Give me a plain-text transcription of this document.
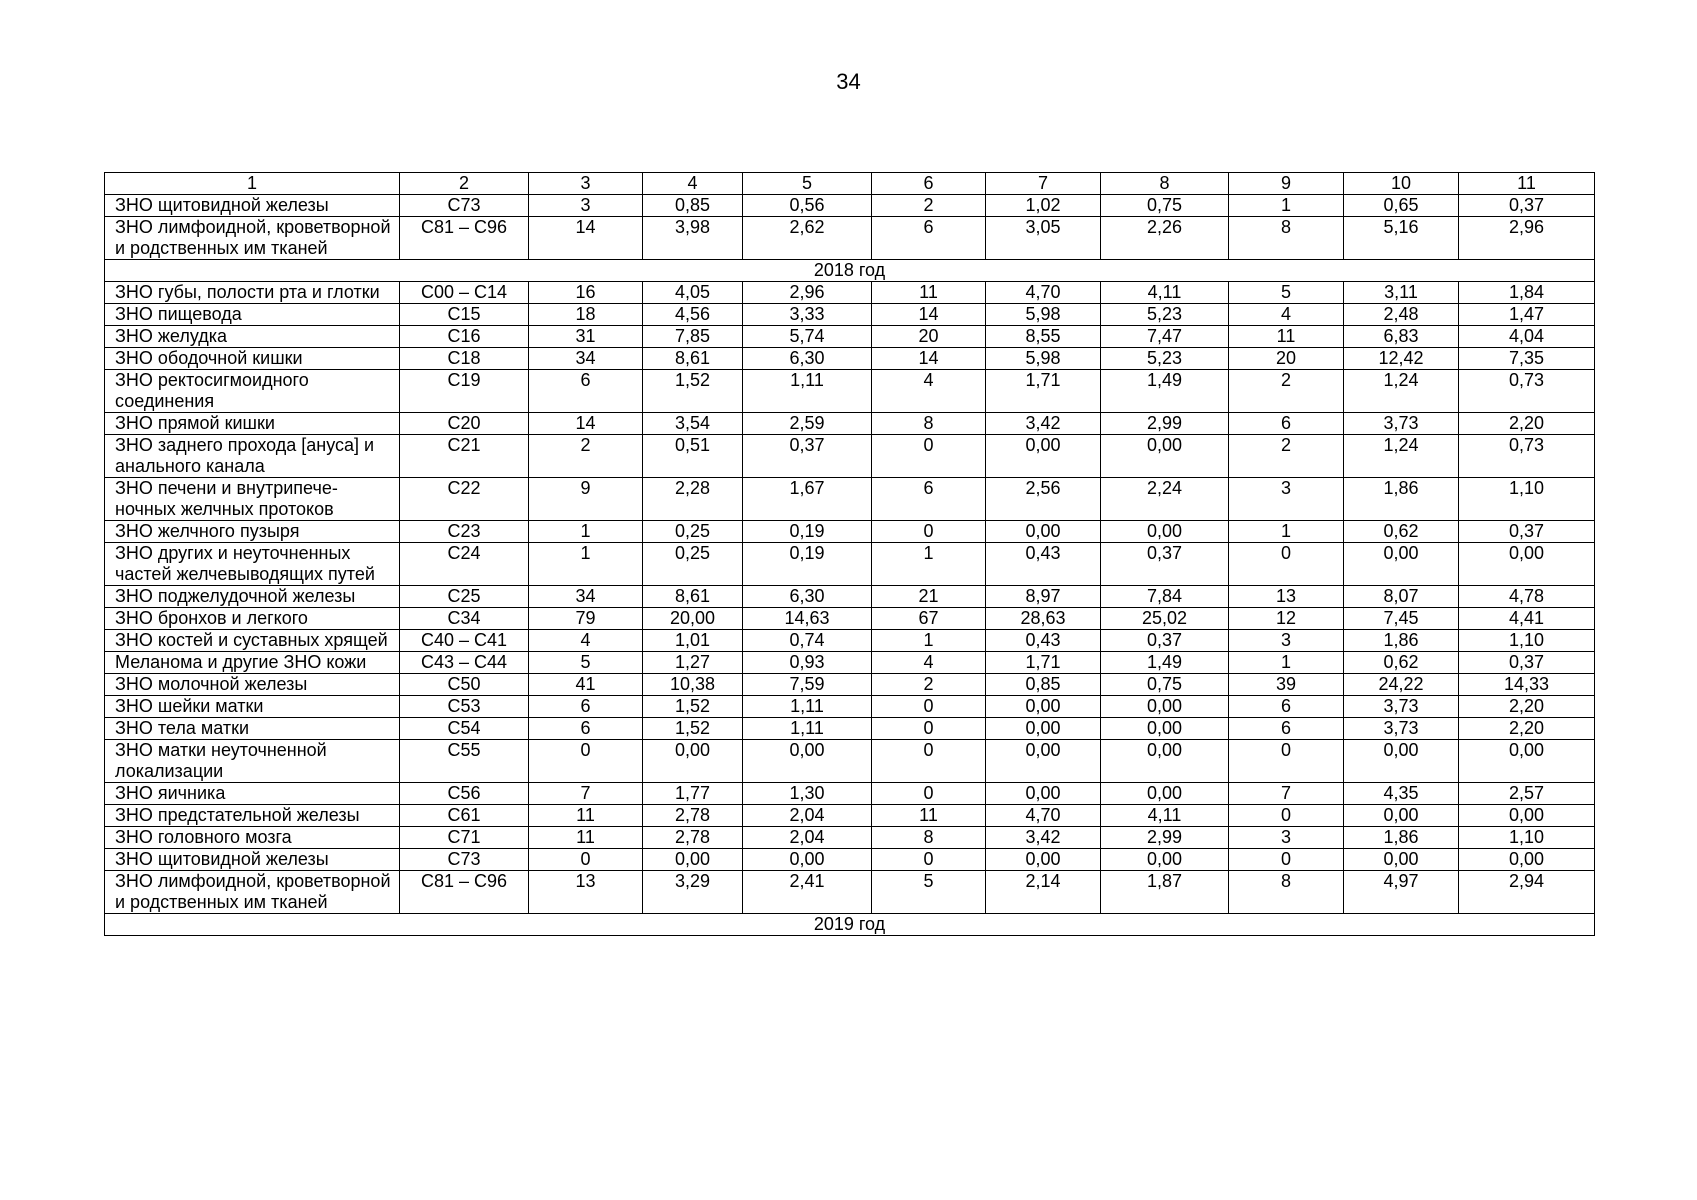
34
1	2	3	4	5	6	7	8	9	10	11
ЗНО щитовидной железы	C73	3	0,85	0,56	2	1,02	0,75	1	0,65	0,37
ЗНО лимфоидной, кроветворной и родственных им тканей	C81 – C96	14	3,98	2,62	6	3,05	2,26	8	5,16	2,96
2018 год										
ЗНО губы, полости рта и глотки	C00 – C14	16	4,05	2,96	11	4,70	4,11	5	3,11	1,84
ЗНО пищевода	C15	18	4,56	3,33	14	5,98	5,23	4	2,48	1,47
ЗНО желудка	C16	31	7,85	5,74	20	8,55	7,47	11	6,83	4,04
ЗНО ободочной кишки	C18	34	8,61	6,30	14	5,98	5,23	20	12,42	7,35
ЗНО ректосигмоидного соединения	C19	6	1,52	1,11	4	1,71	1,49	2	1,24	0,73
ЗНО прямой кишки	C20	14	3,54	2,59	8	3,42	2,99	6	3,73	2,20
ЗНО заднего прохода [ануса] и анального канала	C21	2	0,51	0,37	0	0,00	0,00	2	1,24	0,73
ЗНО печени и внутрипече-ночных желчных протоков	C22	9	2,28	1,67	6	2,56	2,24	3	1,86	1,10
ЗНО желчного пузыря	C23	1	0,25	0,19	0	0,00	0,00	1	0,62	0,37
ЗНО других и неуточненных частей желчевыводящих путей	C24	1	0,25	0,19	1	0,43	0,37	0	0,00	0,00
ЗНО поджелудочной железы	C25	34	8,61	6,30	21	8,97	7,84	13	8,07	4,78
ЗНО бронхов и легкого	C34	79	20,00	14,63	67	28,63	25,02	12	7,45	4,41
ЗНО костей и суставных хрящей	C40 – C41	4	1,01	0,74	1	0,43	0,37	3	1,86	1,10
Меланома и другие ЗНО кожи	C43 – C44	5	1,27	0,93	4	1,71	1,49	1	0,62	0,37
ЗНО молочной железы	C50	41	10,38	7,59	2	0,85	0,75	39	24,22	14,33
ЗНО шейки матки	C53	6	1,52	1,11	0	0,00	0,00	6	3,73	2,20
ЗНО тела матки	C54	6	1,52	1,11	0	0,00	0,00	6	3,73	2,20
ЗНО матки неуточненной локализации	C55	0	0,00	0,00	0	0,00	0,00	0	0,00	0,00
ЗНО яичника	C56	7	1,77	1,30	0	0,00	0,00	7	4,35	2,57
ЗНО предстательной железы	C61	11	2,78	2,04	11	4,70	4,11	0	0,00	0,00
ЗНО головного мозга	C71	11	2,78	2,04	8	3,42	2,99	3	1,86	1,10
ЗНО щитовидной железы	C73	0	0,00	0,00	0	0,00	0,00	0	0,00	0,00
ЗНО лимфоидной, кроветворной и родственных им тканей	C81 – C96	13	3,29	2,41	5	2,14	1,87	8	4,97	2,94
2019 год										
